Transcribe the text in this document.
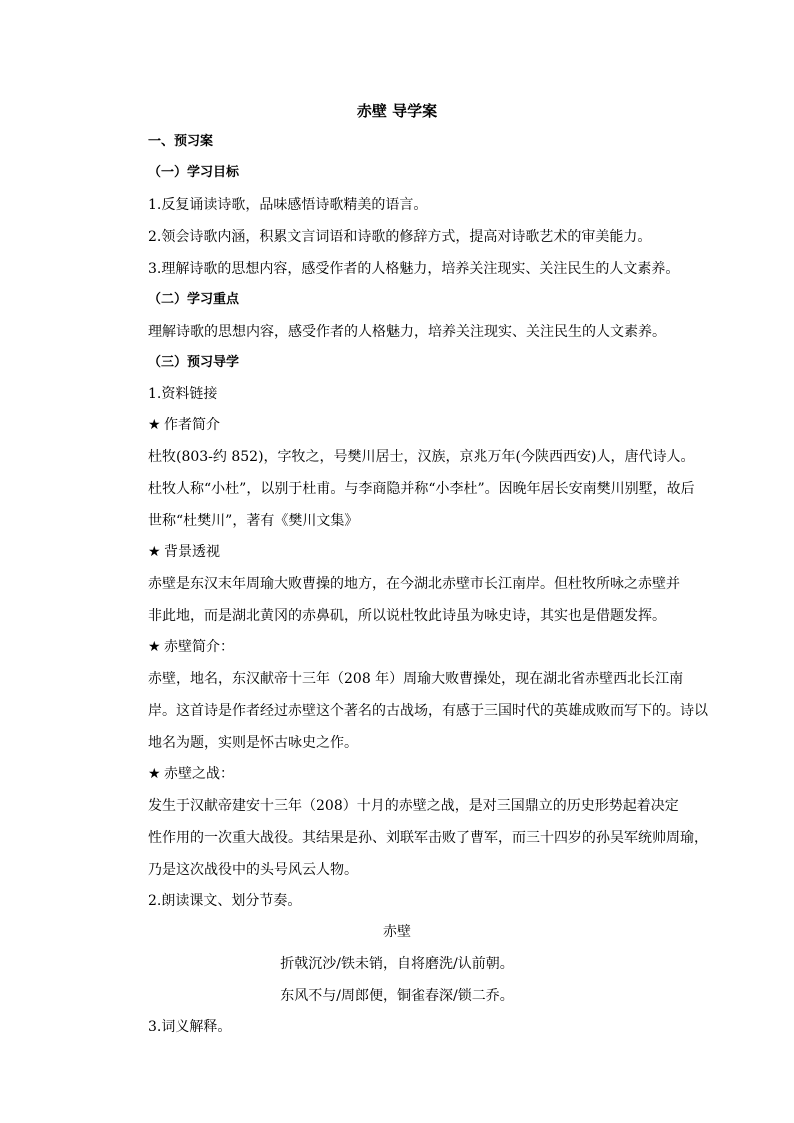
赤壁 导学案
一、预习案
（一）学习目标
1.反复诵读诗歌，品味感悟诗歌精美的语言。
2.领会诗歌内涵，积累文言词语和诗歌的修辞方式，提高对诗歌艺术的审美能力。
3.理解诗歌的思想内容，感受作者的人格魅力，培养关注现实、关注民生的人文素养。
（二）学习重点
理解诗歌的思想内容，感受作者的人格魅力，培养关注现实、关注民生的人文素养。
（三）预习导学
1.资料链接
★ 作者简介
杜牧(803-约 852)，字牧之，号樊川居士，汉族，京兆万年(今陕西西安)人，唐代诗人。
杜牧人称“小杜”，以别于杜甫。与李商隐并称“小李杜”。因晚年居长安南樊川别墅，故后
世称“杜樊川”，著有《樊川文集》
★ 背景透视
赤壁是东汉末年周瑜大败曹操的地方，在今湖北赤壁市长江南岸。但杜牧所咏之赤壁并
非此地，而是湖北黄冈的赤鼻矶，所以说杜牧此诗虽为咏史诗，其实也是借题发挥。
★ 赤壁简介：
赤壁，地名，东汉献帝十三年（208 年）周瑜大败曹操处，现在湖北省赤壁西北长江南
岸。这首诗是作者经过赤壁这个著名的古战场，有感于三国时代的英雄成败而写下的。诗以
地名为题，实则是怀古咏史之作。
★ 赤壁之战：
发生于汉献帝建安十三年（208）十月的赤壁之战，是对三国鼎立的历史形势起着决定
性作用的一次重大战役。其结果是孙、刘联军击败了曹军，而三十四岁的孙吴军统帅周瑜，
乃是这次战役中的头号风云人物。
2.朗读课文、划分节奏。
赤壁
折戟沉沙/铁未销，自将磨洗/认前朝。
东风不与/周郎便，铜雀春深/锁二乔。
3.词义解释。
